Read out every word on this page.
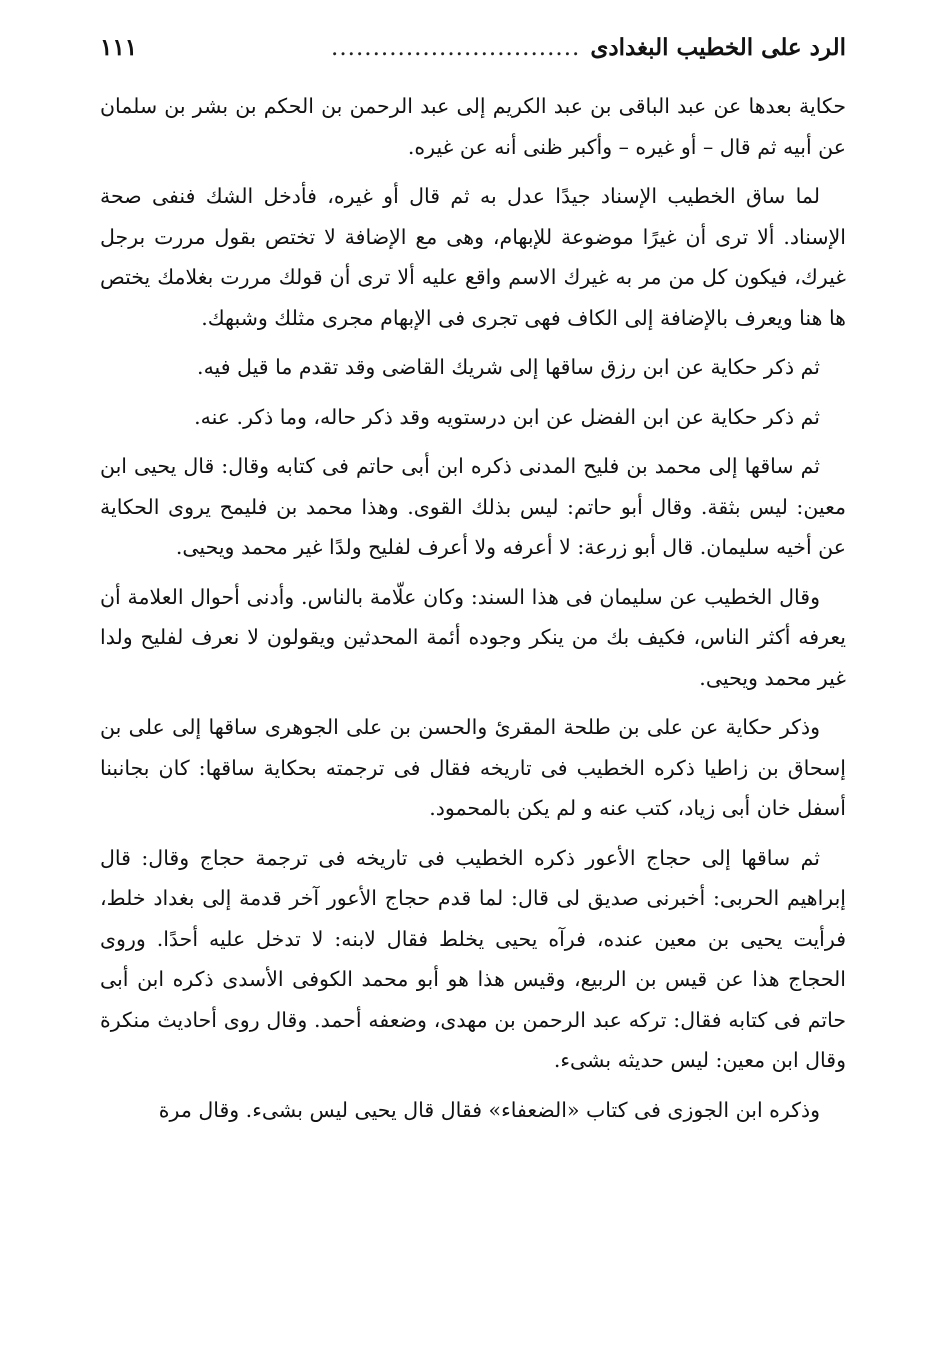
الرد على الخطيب البغدادى
..............................
١١١

حكاية بعدها عن عبد الباقى بن عبد الكريم إلى عبد الرحمن بن الحكم بن بشر بن سلمان عن أبيه ثم قال – أو غيره – وأكبر ظنى أنه عن غيره.

لما ساق الخطيب الإسناد جيدًا عدل به ثم قال أو غيره، فأدخل الشك فنفى صحة الإسناد. ألا ترى أن غيرًا موضوعة للإبهام، وهى مع الإضافة لا تختص بقول مررت برجل غيرك، فيكون كل من مر به غيرك الاسم واقع عليه ألا ترى أن قولك مررت بغلامك يختص ها هنا ويعرف بالإضافة إلى الكاف فهى تجرى فى الإبهام مجرى مثلك وشبهك.

ثم ذكر حكاية عن ابن رزق ساقها إلى شريك القاضى وقد تقدم ما قيل فيه.

ثم ذكر حكاية عن ابن الفضل عن ابن درستويه وقد ذكر حاله، وما ذكر. عنه.

ثم ساقها إلى محمد بن فليح المدنى ذكره ابن أبى حاتم فى كتابه وقال: قال يحيى ابن معين: ليس بثقة. وقال أبو حاتم: ليس بذلك القوى. وهذا محمد بن فليمح يروى الحكاية عن أخيه سليمان. قال أبو زرعة: لا أعرفه ولا أعرف لفليح ولدًا غير محمد ويحيى.

وقال الخطيب عن سليمان فى هذا السند: وكان علّامة بالناس. وأدنى أحوال العلامة أن يعرفه أكثر الناس، فكيف بك من ينكر وجوده أئمة المحدثين ويقولون لا نعرف لفليح ولدا غير محمد ويحيى.

وذكر حكاية عن على بن طلحة المقرئ والحسن بن على الجوهرى ساقها إلى على بن إسحاق بن زاطيا ذكره الخطيب فى تاريخه فقال فى ترجمته بحكاية ساقها: كان بجانبنا أسفل خان أبى زياد، كتب عنه و لم يكن بالمحمود.

ثم ساقها إلى حجاج الأعور ذكره الخطيب فى تاريخه فى ترجمة حجاج وقال: قال إبراهيم الحربى: أخبرنى صديق لى قال: لما قدم حجاج الأعور آخر قدمة إلى بغداد خلط، فرأيت يحيى بن معين عنده، فرآه يحيى يخلط فقال لابنه: لا تدخل عليه أحدًا. وروى الحجاج هذا عن قيس بن الربيع، وقيس هذا هو أبو محمد الكوفى الأسدى ذكره ابن أبى حاتم فى كتابه فقال: تركه عبد الرحمن بن مهدى، وضعفه أحمد. وقال روى أحاديث منكرة وقال ابن معين: ليس حديثه بشىء.

وذكره ابن الجوزى فى كتاب «الضعفاء» فقال قال يحيى ليس بشىء. وقال مرة
